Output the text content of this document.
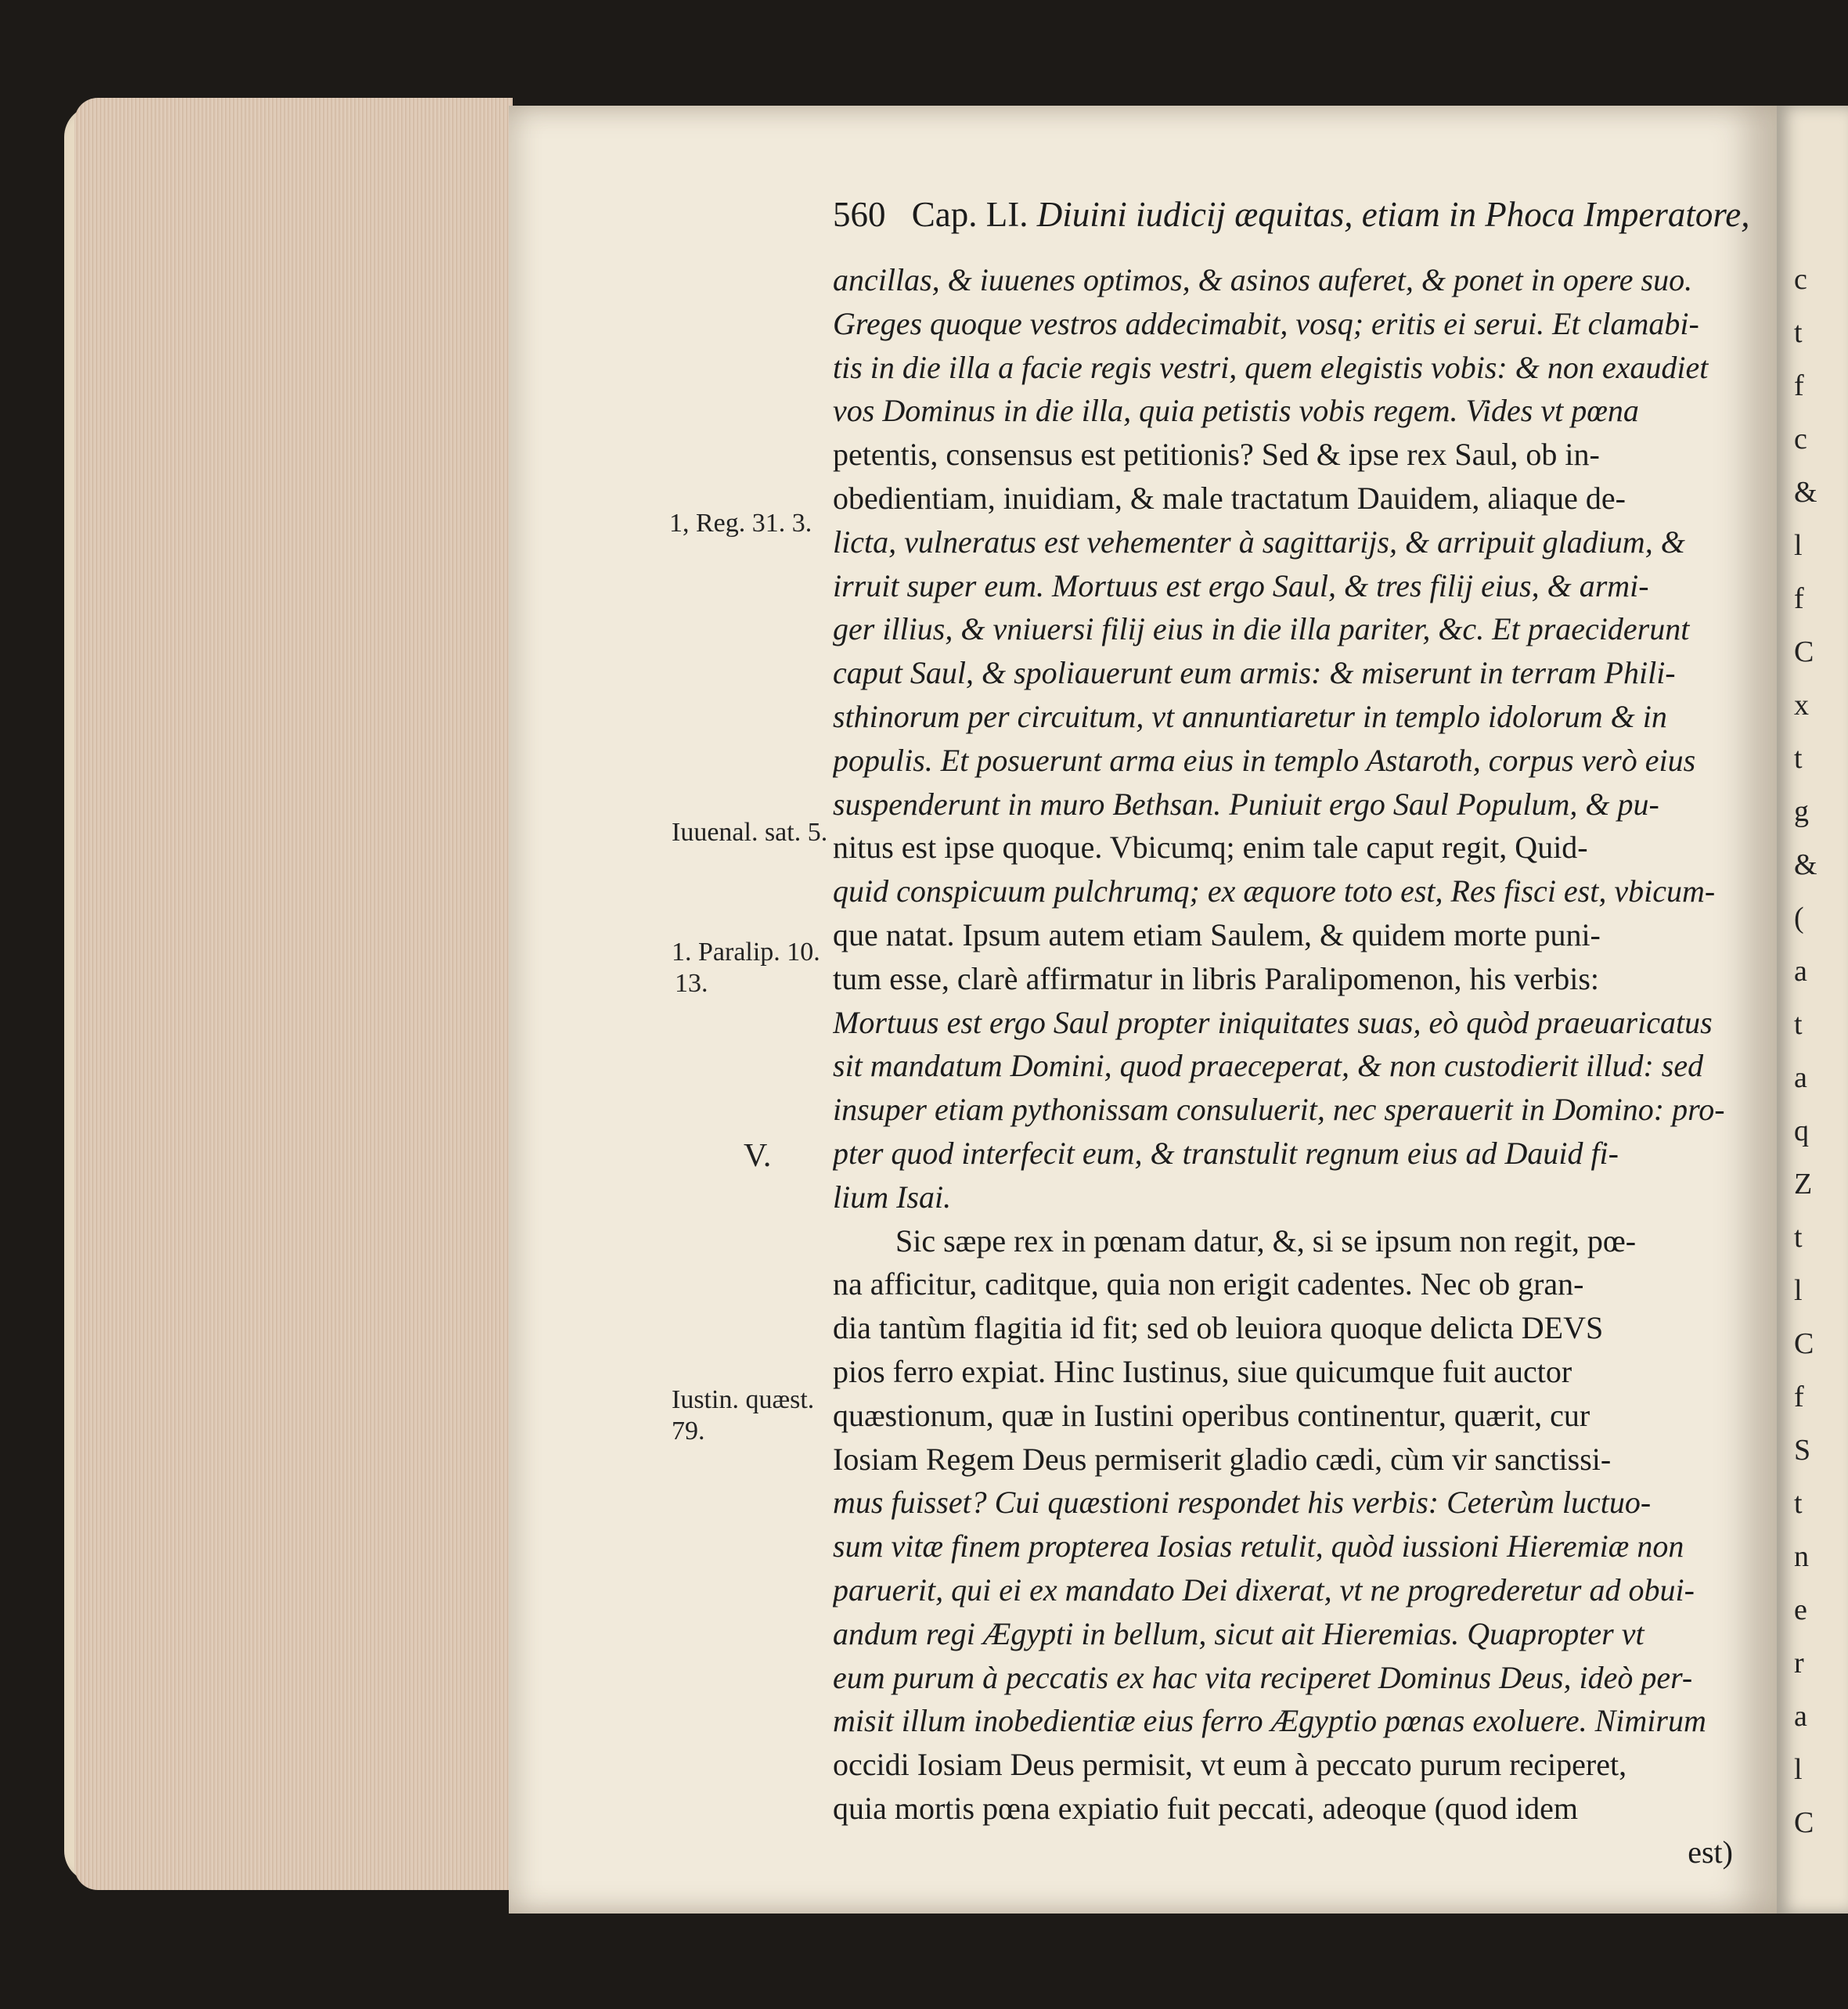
c
t
f
c
&
l
f
C
x
t
g
&
(
a
t
a
q
Z
t
l
C
f
S
t
n
e
r
a
l
C
560 Cap. LI. Diuini iudicij æquitas, etiam in Phoca Imperatore,
ancillas, & iuuenes optimos, & asinos auferet, & ponet in opere suo.
Greges quoque vestros addecimabit, vosq; eritis ei serui. Et clamabi-
tis in die illa a facie regis vestri, quem elegistis vobis: & non exaudiet
vos Dominus in die illa, quia petistis vobis regem. Vides vt pœna
petentis, consensus est petitionis? Sed & ipse rex Saul, ob in-
obedientiam, inuidiam, & male tractatum Dauidem, aliaque de-
licta, vulneratus est vehementer à sagittarijs, & arripuit gladium, &
irruit super eum. Mortuus est ergo Saul, & tres filij eius, & armi-
ger illius, & vniuersi filij eius in die illa pariter, &c. Et praeciderunt
caput Saul, & spoliauerunt eum armis: & miserunt in terram Phili-
sthinorum per circuitum, vt annuntiaretur in templo idolorum & in
populis. Et posuerunt arma eius in templo Astaroth, corpus verò eius
suspenderunt in muro Bethsan. Puniuit ergo Saul Populum, & pu-
nitus est ipse quoque. Vbicumq; enim tale caput regit, Quid-
quid conspicuum pulchrumq; ex æquore toto est, Res fisci est, vbicum-
que natat. Ipsum autem etiam Saulem, & quidem morte puni-
tum esse, clarè affirmatur in libris Paralipomenon, his verbis:
Mortuus est ergo Saul propter iniquitates suas, eò quòd praeuaricatus
sit mandatum Domini, quod praeceperat, & non custodierit illud: sed
insuper etiam pythonissam consuluerit, nec sperauerit in Domino: pro-
pter quod interfecit eum, & transtulit regnum eius ad Dauid fi-
lium Isai.
Sic sæpe rex in pœnam datur, &, si se ipsum non regit, pœ-
na afficitur, caditque, quia non erigit cadentes. Nec ob gran-
dia tantùm flagitia id fit; sed ob leuiora quoque delicta DEVS
pios ferro expiat. Hinc Iustinus, siue quicumque fuit auctor
quæstionum, quæ in Iustini operibus continentur, quærit, cur
Iosiam Regem Deus permiserit gladio cædi, cùm vir sanctissi-
mus fuisset? Cui quæstioni respondet his verbis: Ceterùm luctuo-
sum vitæ finem propterea Iosias retulit, quòd iussioni Hieremiæ non
paruerit, qui ei ex mandato Dei dixerat, vt ne progrederetur ad obui-
andum regi Ægypti in bellum, sicut ait Hieremias. Quapropter vt
eum purum à peccatis ex hac vita reciperet Dominus Deus, ideò per-
misit illum inobedientiæ eius ferro Ægyptio pœnas exoluere. Nimirum
occidi Iosiam Deus permisit, vt eum à peccato purum reciperet,
quia mortis pœna expiatio fuit peccati, adeoque (quod idem
est)
1, Reg. 31. 3.
Iuuenal. sat. 5.
1. Paralip. 10.
13.
V.
Iustin. quæst.
79.
